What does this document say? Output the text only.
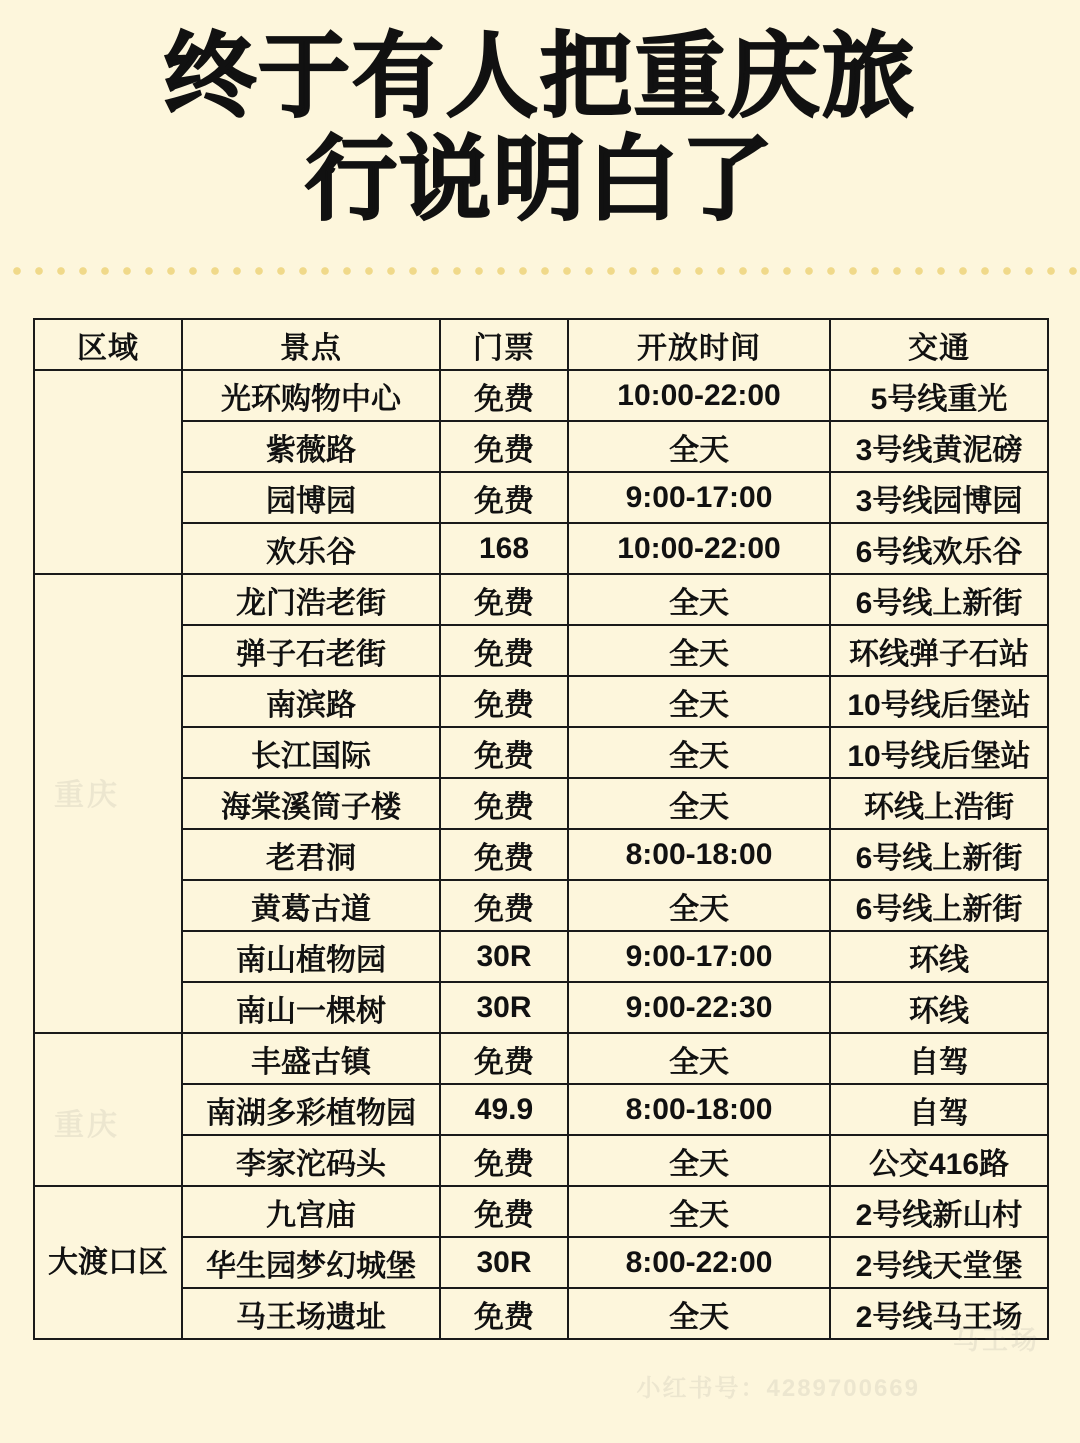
终于有人把重庆旅
行说明白了
小红书号：4289700669
区域	景点	门票	开放时间	交通
	光环购物中心	免费	10:00-22:00	5号线重光
	紫薇路	免费	全天	3号线黄泥磅
	园博园	免费	9:00-17:00	3号线园博园
	欢乐谷	168	10:00-22:00	6号线欢乐谷
	龙门浩老街	免费	全天	6号线上新街
	弹子石老街	免费	全天	环线弹子石站
	南滨路	免费	全天	10号线后堡站
	长江国际	免费	全天	10号线后堡站
	海棠溪筒子楼	免费	全天	环线上浩街
	老君洞	免费	8:00-18:00	6号线上新街
	黄葛古道	免费	全天	6号线上新街
	南山植物园	30R	9:00-17:00	环线
	南山一棵树	30R	9:00-22:30	环线
	丰盛古镇	免费	全天	自驾
	南湖多彩植物园	49.9	8:00-18:00	自驾
	李家沱码头	免费	全天	公交416路
大渡口区	九宫庙	免费	全天	2号线新山村
	华生园梦幻城堡	30R	8:00-22:00	2号线天堂堡
	马王场遗址	免费	全天	2号线马王场
